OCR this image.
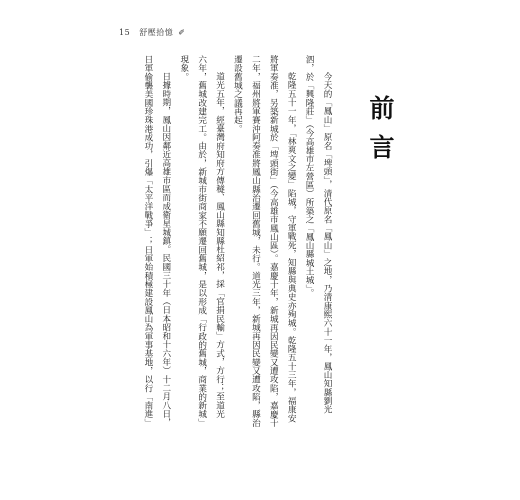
15 舒壓拾憶 ✐
前言
今天的「鳳山」原名「埤頭」，清代原名「鳳山」之地，乃清康熙六十一年，鳳山知縣劉光
泗，於「興隆莊」（今高雄市左營區）所築之「鳳山縣城土城」。
乾隆五十一年，「林爽文之變」陷城，守軍戰死，知縣與典史亦殉城。乾隆五十三年，福康安
將軍奏准，另築新城於「埤頭街」（今高雄市鳳山區）。嘉慶十年，新城再因民變又遭攻陷，嘉慶十
二年，福州將軍賽沖阿奏准將鳳山縣治遷回舊城，未行。道光三年，新城再因民變又遭攻陷，縣治
遷設舊城之議再起。
道光五年，經臺灣府知府方傳穟、鳳山縣知縣杜紹祁，採「官捐民輸」方式，方行；至道光
六年，舊城改建完工。由於，新城市街商家不願遷回舊城，是以形成「行政的舊城，商業的新城」
現象。
日據時期，鳳山因鄰近高雄市區而成衛星城鎮。民國三十年（日本昭和十六年）十二月八日，
日軍偷襲美國珍珠港成功，引爆「太平洋戰爭」；日軍始積極建設鳳山為軍事基地，以行「南進」
